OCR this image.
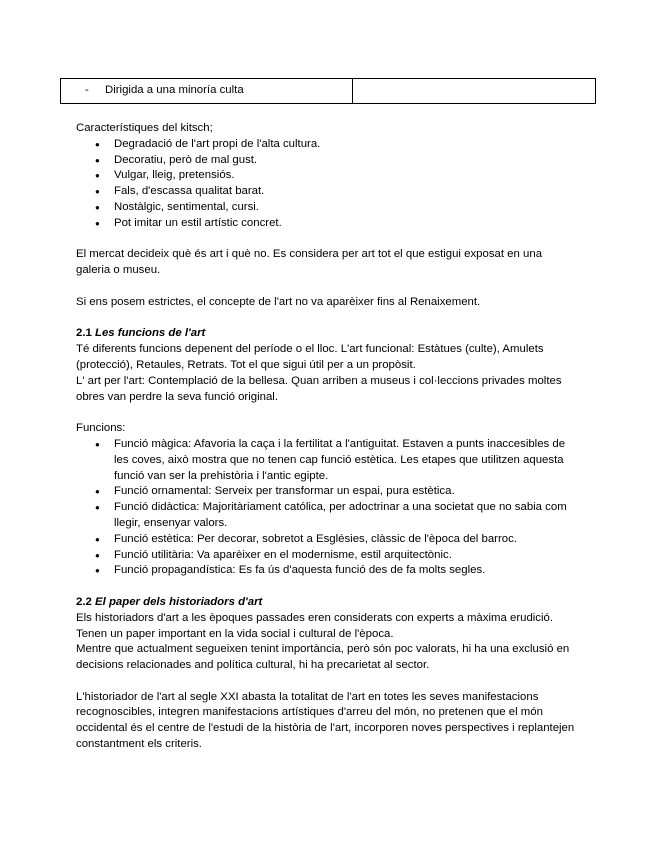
- Dirigida a una minoría culta	

Característiques del kitsch;

● Degradació de l'art propi de l'alta cultura.
● Decoratiu, però de mal gust.
● Vulgar, lleig, pretensiós.
● Fals, d'escassa qualitat barat.
● Nostàlgic, sentimental, cursi.
● Pot imitar un estil artístic concret.

El mercat decideix què és art i què no. Es considera per art tot el que estigui exposat en una galeria o museu.

Si ens posem estrictes, el concepte de l'art no va aparèixer fins al Renaixement.

2.1 Les funcions de l'art

Té diferents funcions depenent del període o el lloc. L'art funcional: Estàtues (culte), Amulets (protecció), Retaules, Retrats. Tot el que sigui útil per a un propòsit.

L' art per l'art: Contemplació de la bellesa. Quan arriben a museus i col·leccions privades moltes obres van perdre la seva funció original.

Funcions:

● Funció màgica: Afavoria la caça i la fertilitat a l'antiguitat. Estaven a punts inaccesibles de les coves, això mostra que no tenen cap funció estètica. Les etapes que utilitzen aquesta funció van ser la prehistòria i l'antic egipte.
● Funció ornamental: Serveix per transformar un espai, pura estètica.
● Funció didàctica: Majoritàriament católica, per adoctrinar a una societat que no sabia com llegir, ensenyar valors.
● Funció estètica: Per decorar, sobretot a Esglésies, clàssic de l'època del barroc.
● Funció utilitària: Va aparèixer en el modernisme, estil arquitectònic.
● Funció propagandística: Es fa ús d'aquesta funció des de fa molts segles.

2.2 El paper dels historiadors d'art

Els historiadors d'art a les èpoques passades eren considerats con experts a màxima erudició. Tenen un paper important en la vida social i cultural de l'època.

Mentre que actualment segueixen tenint importància, però són poc valorats, hi ha una exclusió en decisions relacionades and política cultural, hi ha precarietat al sector.

L'historiador de l'art al segle XXI abasta la totalitat de l'art en totes les seves manifestacions recognoscibles, integren manifestacions artístiques d'arreu del món, no pretenen que el món occidental és el centre de l'estudi de la història de l'art, incorporen noves perspectives i replantejen constantment els criteris.
